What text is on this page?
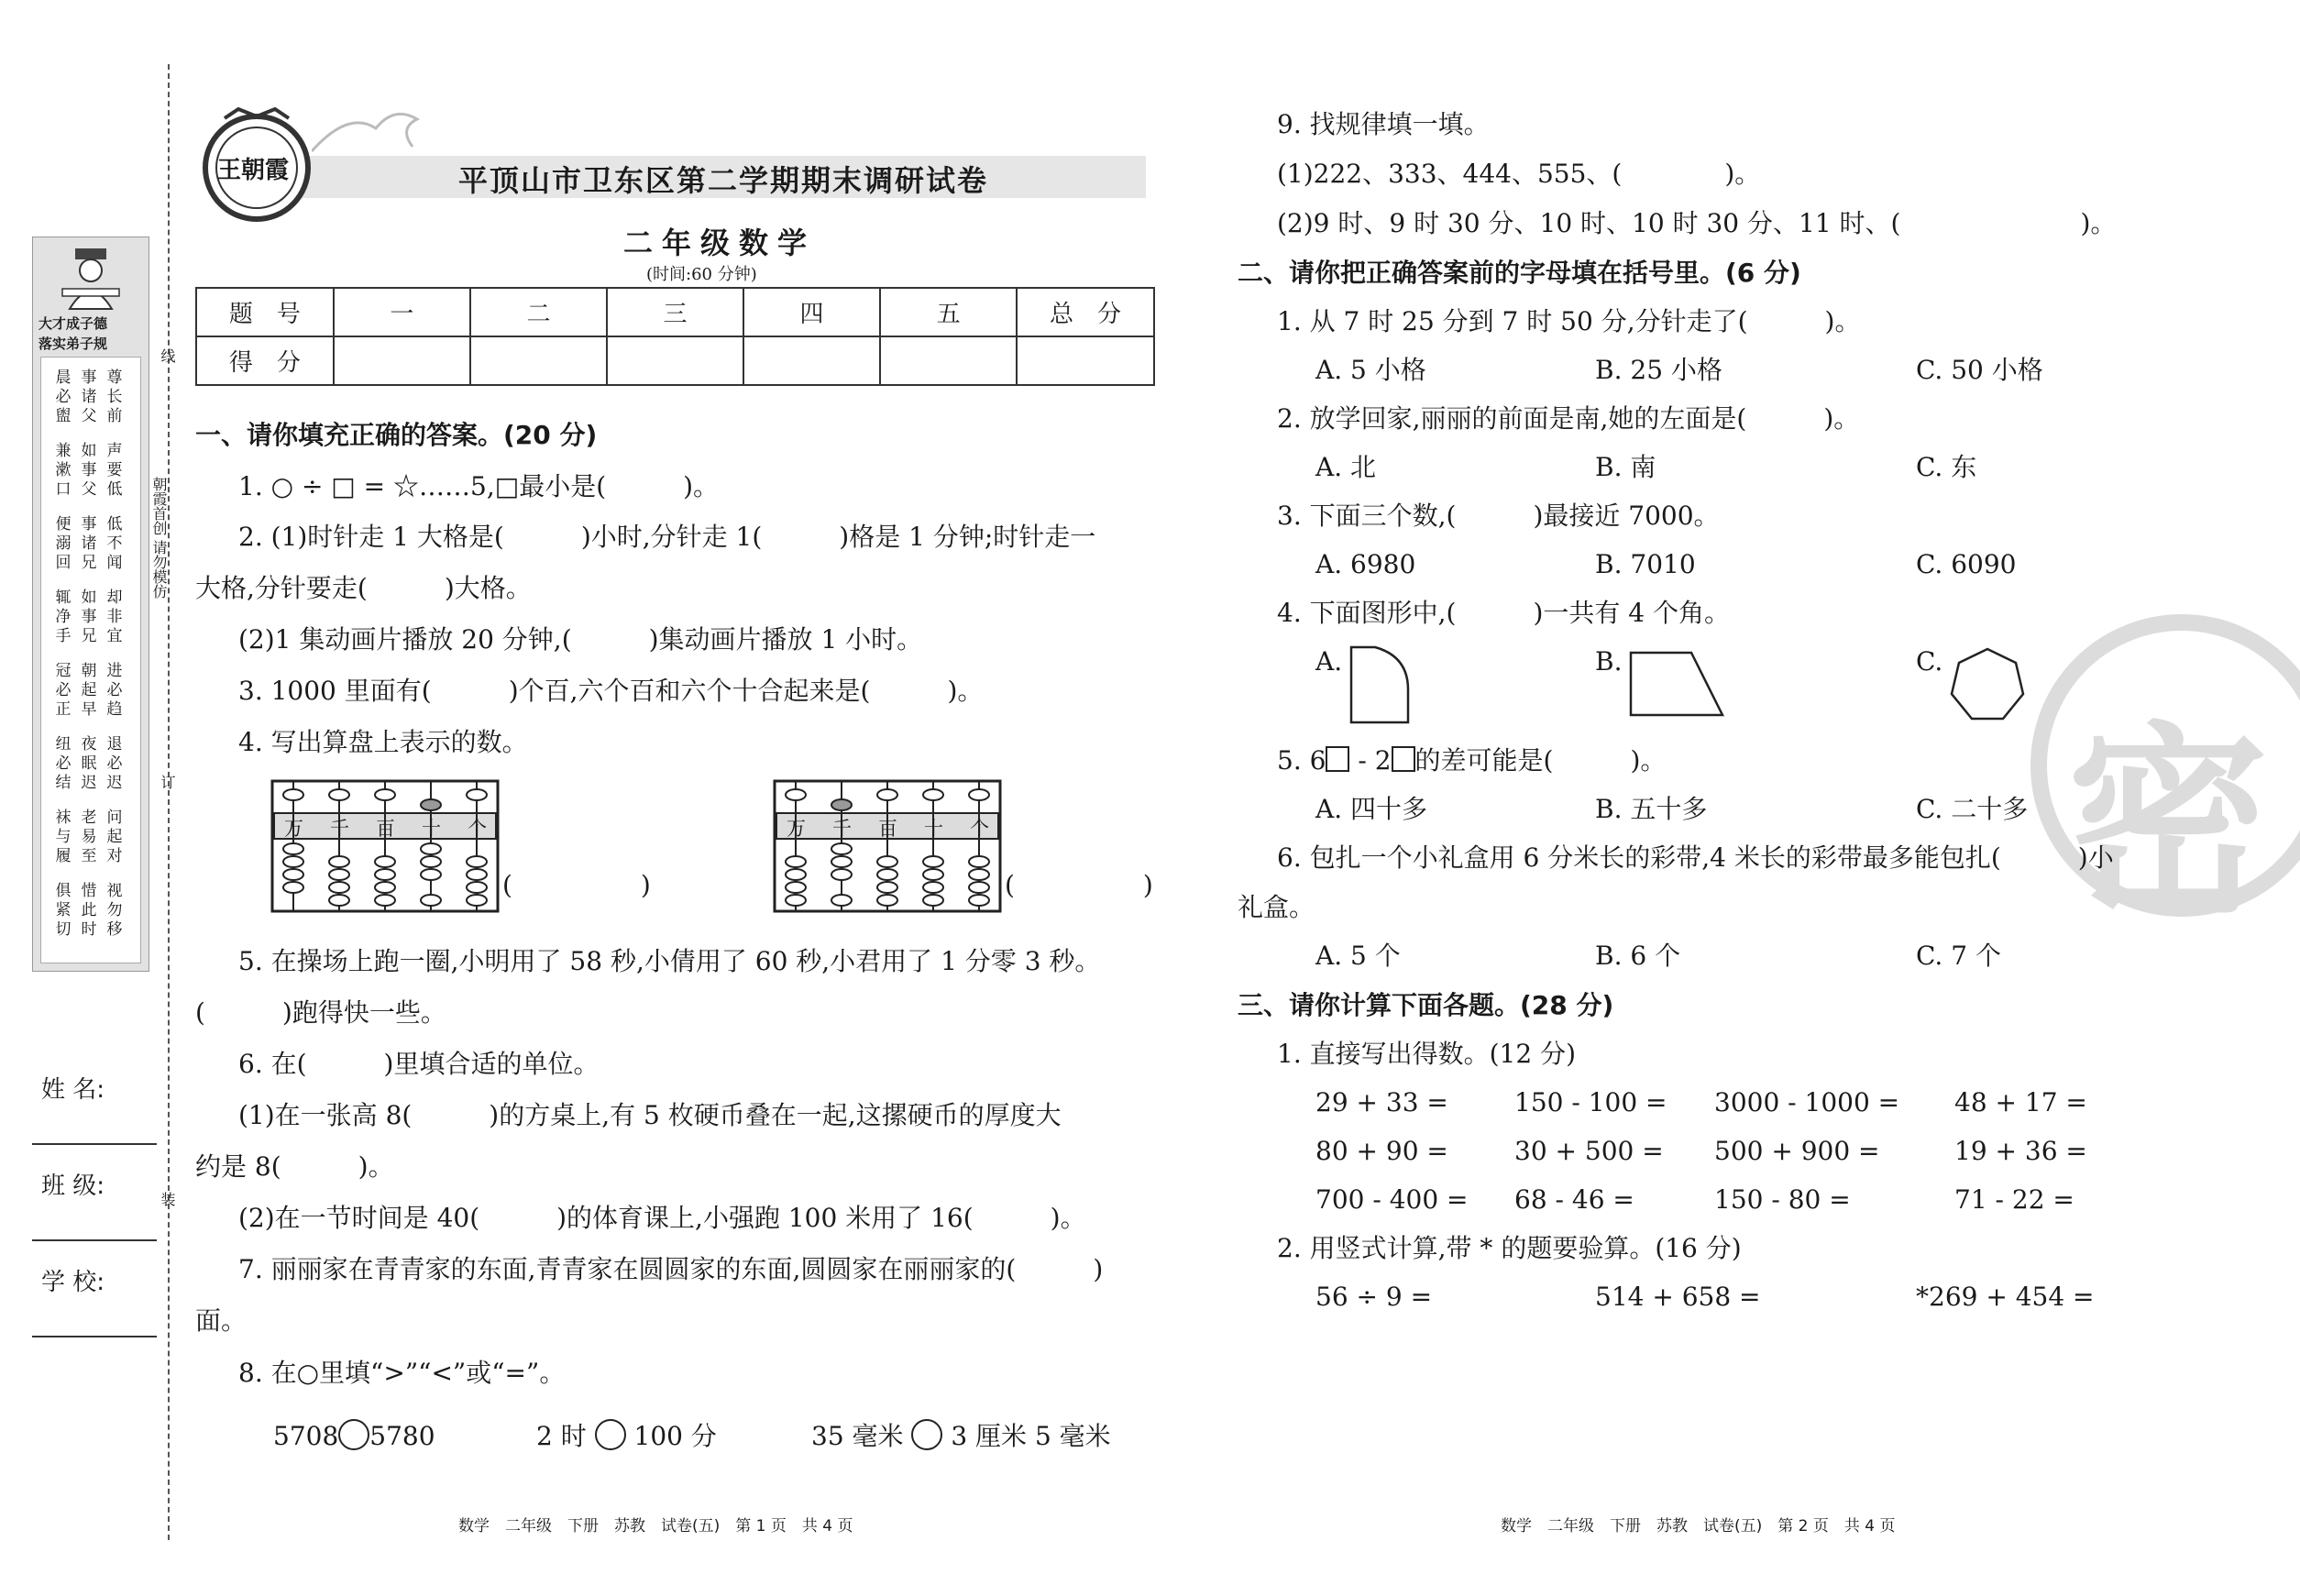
线
订
装
朝霞首创 请勿模仿
大才成子德
落实弟子规
晨必盥
事诸父
尊长前
兼漱口
如事父
声要低
便溺回
事诸兄
低不闻
辄净手
如事兄
却非宜
冠必正
朝起早
进必趋
纽必结
夜眠迟
退必迟
袜与履
老易至
问起对
俱紧切
惜此时
视勿移
姓 名:
班 级:
学 校:
王朝霞	平顶山市卫东区第二学期期末调研试卷
二年级数学
(时间:60 分钟)
题　号	一	二	三	四	五	总　分
得　分						
一、请你填充正确的答案。(20 分)
1. ○ ÷ □ = ☆……5,□最小是(　　　)。
2. (1)时针走 1 大格是(　　　)小时,分针走 1(　　　)格是 1 分钟;时针走一
大格,分针要走(　　　)大格。
(2)1 集动画片播放 20 分钟,(　　　)集动画片播放 1 小时。
3. 1000 里面有(　　　)个百,六个百和六个十合起来是(　　　)。
4. 写出算盘上表示的数。
万 千 百 十 个
(　　　　　)
万 千 百 十 个
(　　　　　)
5. 在操场上跑一圈,小明用了 58 秒,小倩用了 60 秒,小君用了 1 分零 3 秒。
(　　　)跑得快一些。
6. 在(　　　)里填合适的单位。
(1)在一张高 8(　　　)的方桌上,有 5 枚硬币叠在一起,这摞硬币的厚度大
约是 8(　　　)。
(2)在一节时间是 40(　　　)的体育课上,小强跑 100 米用了 16(　　　)。
7. 丽丽家在青青家的东面,青青家在圆圆家的东面,圆圆家在丽丽家的(　　　)
面。
8. 在○里填“>”“<”或“=”。
5708 5780	2 时 100 分	35 毫米 3 厘米 5 毫米
数学　二年级　下册　苏教　试卷(五)　第 1 页　共 4 页
密
9. 找规律填一填。
(1)222、333、444、555、(　　　　)。
(2)9 时、9 时 30 分、10 时、10 时 30 分、11 时、(　　　　　　　)。
二、请你把正确答案前的字母填在括号里。(6 分)
1. 从 7 时 25 分到 7 时 50 分,分针走了(　　　)。
A. 5 小格	B. 25 小格	C. 50 小格
2. 放学回家,丽丽的前面是南,她的左面是(　　　)。
A. 北	B. 南	C. 东
3. 下面三个数,(　　　)最接近 7000。
A. 6980	B. 7010	C. 6090
4. 下面图形中,(　　　)一共有 4 个角。
A.	B.	C.
5. 6 - 2 的差可能是(　　　)。
A. 四十多	B. 五十多	C. 二十多
6. 包扎一个小礼盒用 6 分米长的彩带,4 米长的彩带最多能包扎(　　　)小
礼盒。
A. 5 个	B. 6 个	C. 7 个
三、请你计算下面各题。(28 分)
1. 直接写出得数。(12 分)
29 + 33 =	150 - 100 = 3000 - 1000 = 48 + 17 =
80 + 90 =	30 + 500 = 500 + 900 =	19 + 36 =
700 - 400 = 68 - 46 =	150 - 80 =	71 - 22 =
2. 用竖式计算,带 * 的题要验算。(16 分)
56 ÷ 9 =	514 + 658 =	*269 + 454 =
数学　二年级　下册　苏教　试卷(五)　第 2 页　共 4 页
